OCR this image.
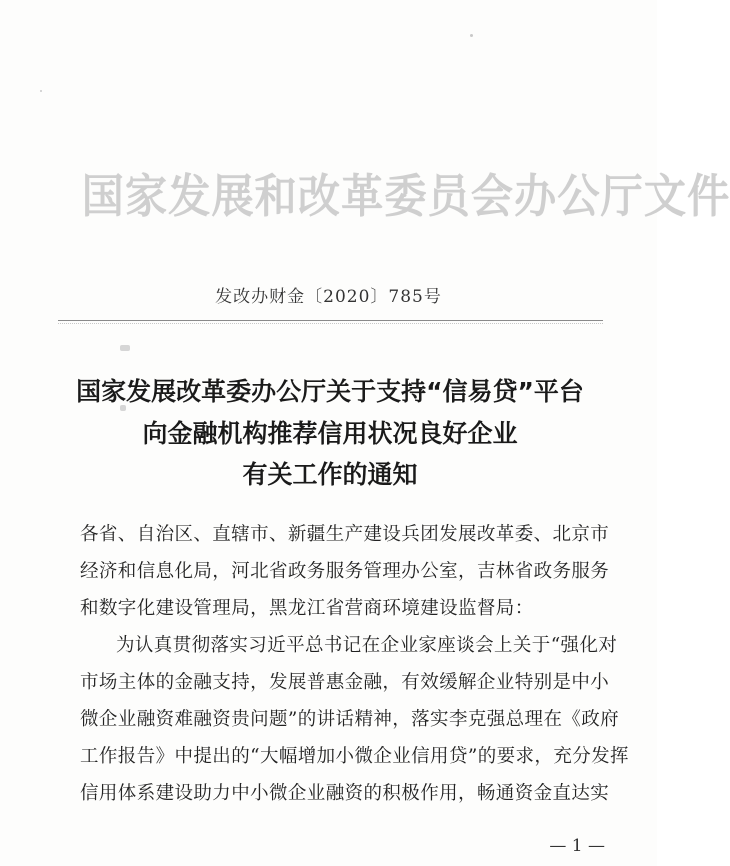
国家发展和改革委员会办公厅文件
发改办财金〔2020〕785号
国家发展改革委办公厅关于支持“信易贷”平台
向金融机构推荐信用状况良好企业
有关工作的通知
各省、自治区、直辖市、新疆生产建设兵团发展改革委、北京市
经济和信息化局，河北省政务服务管理办公室，吉林省政务服务
和数字化建设管理局，黑龙江省营商环境建设监督局：
为认真贯彻落实习近平总书记在企业家座谈会上关于“强化对
市场主体的金融支持，发展普惠金融，有效缓解企业特别是中小
微企业融资难融资贵问题”的讲话精神，落实李克强总理在《政府
工作报告》中提出的“大幅增加小微企业信用贷”的要求，充分发挥
信用体系建设助力中小微企业融资的积极作用，畅通资金直达实
— 1 —
